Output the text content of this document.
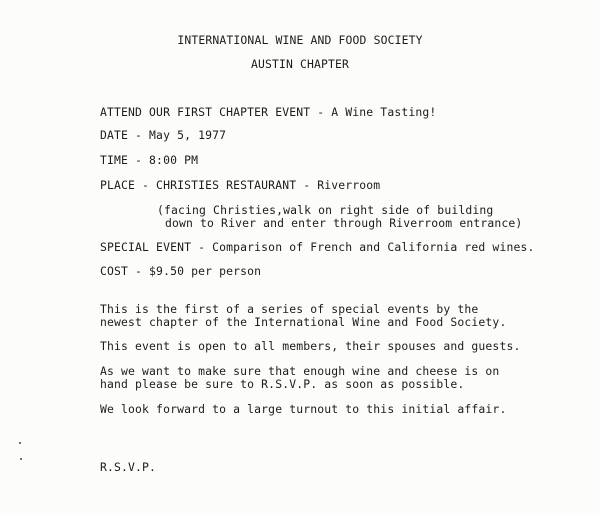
INTERNATIONAL WINE AND FOOD SOCIETY
AUSTIN CHAPTER
ATTEND OUR FIRST CHAPTER EVENT - A Wine Tasting!
DATE - May 5, 1977
TIME - 8:00 PM
PLACE - CHRISTIES RESTAURANT - Riverroom
(facing Christies,walk on right side of building
down to River and enter through Riverroom entrance)
SPECIAL EVENT - Comparison of French and California red wines.
COST - $9.50 per person
This is the first of a series of special events by the
newest chapter of the International Wine and Food Society.
This event is open to all members, their spouses and guests.
As we want to make sure that enough wine and cheese is on
hand please be sure to R.S.V.P. as soon as possible.
We look forward to a large turnout to this initial affair.
R.S.V.P.
